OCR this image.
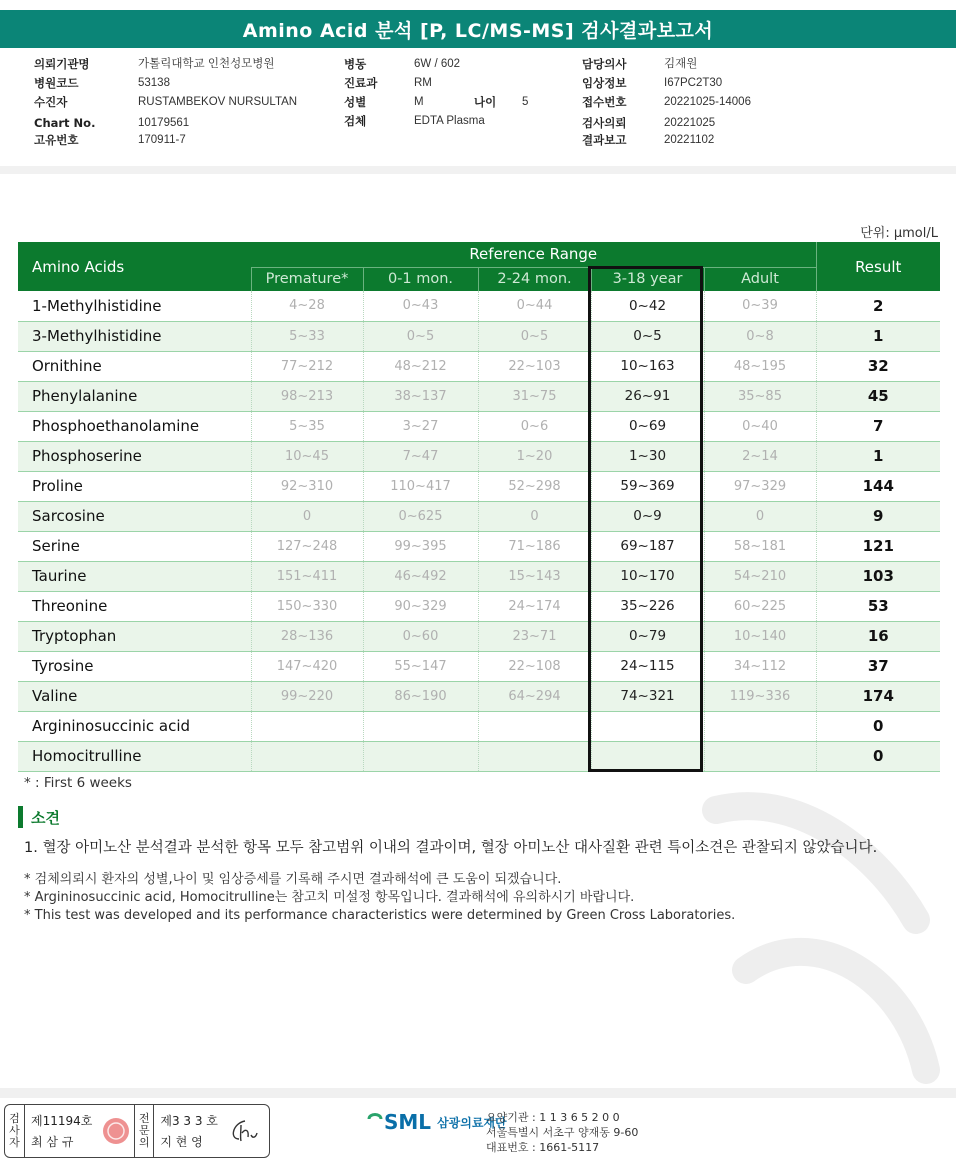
Amino Acid 분석 [P, LC/MS-MS] 검사결과보고서
의뢰기관명	가톨릭대학교 인천성모병원
병원코드	53138
수진자	RUSTAMBEKOV NURSULTAN
Chart No.	10179561
고유번호	170911-7
병동	6W / 602
진료과	RM
성별	M	나이 5
검체	EDTA Plasma
담당의사	김재원
임상정보	I67PC2T30
접수번호	20221025-14006
검사의뢰	20221025
결과보고	20221102
단위: μmol/L
Amino Acids	Reference Range					Result
	Premature*	0-1 mon.	2-24 mon.	3-18 year	Adult	
1-Methylhistidine	4~28	0~43	0~44	0~42	0~39	2
3-Methylhistidine	5~33	0~5	0~5	0~5	0~8	1
Ornithine	77~212	48~212	22~103	10~163	48~195	32
Phenylalanine	98~213	38~137	31~75	26~91	35~85	45
Phosphoethanolamine	5~35	3~27	0~6	0~69	0~40	7
Phosphoserine	10~45	7~47	1~20	1~30	2~14	1
Proline	92~310	110~417	52~298	59~369	97~329	144
Sarcosine	0	0~625	0	0~9	0	9
Serine	127~248	99~395	71~186	69~187	58~181	121
Taurine	151~411	46~492	15~143	10~170	54~210	103
Threonine	150~330	90~329	24~174	35~226	60~225	53
Tryptophan	28~136	0~60	23~71	0~79	10~140	16
Tyrosine	147~420	55~147	22~108	24~115	34~112	37
Valine	99~220	86~190	64~294	74~321	119~336	174
Argininosuccinic acid						0
Homocitrulline						0
* : First 6 weeks
소견
1. 혈장 아미노산 분석결과 분석한 항목 모두 참고범위 이내의 결과이며, 혈장 아미노산 대사질환 관련 특이소견은 관찰되지 않았습니다.
* 검체의뢰시 환자의 성별,나이 및 임상증세를 기록해 주시면 결과해석에 큰 도움이 되겠습니다.
* Argininosuccinic acid, Homocitrulline는 참고치 미설정 항목입니다. 결과해석에 유의하시기 바랍니다.
* This test was developed and its performance characteristics were determined by Green Cross Laboratories.
검
사
자
제11194호
최 삼 규
전
문
의
제3 3 3 호
지 현 영
SML 삼광의료재단
요양기관 : 1 1 3 6 5 2 0 0
서울특별시 서초구 양재동 9-60
대표번호 : 1661-5117
